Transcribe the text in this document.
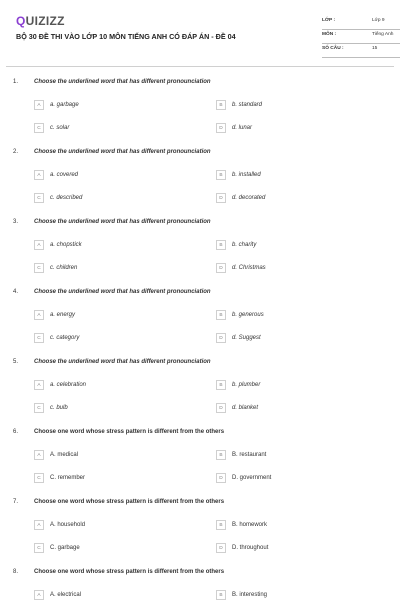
QUIZIZZ
BỘ 30 ĐỀ THI VÀO LỚP 10 MÔN TIẾNG ANH CÓ ĐÁP ÁN - ĐỀ 04
LỚP :	Lớp 9
MÔN :	Tiếng Anh
SỐ CÂU :	15
1.	Choose the underlined word that has different pronounciation
A	a. garbage	B	b. standard
C	c. solar	D	d. lunar
2.	Choose the underlined word that has different pronounciation
A	a. covered	B	b. installed
C	c. described	D	d. decorated
3.	Choose the underlined word that has different pronounciation
A	a. chopstick	B	b. charity
C	c. children	D	d. Christmas
4.	Choose the underlined word that has different pronounciation
A	a. energy	B	b. generous
C	c. category	D	d. Suggest
5.	Choose the underlined word that has different pronounciation
A	a. celebration	B	b. plumber
C	c. bulb	D	d. blanket
6.	Choose one word whose stress pattern is different from the others
A	A. medical	B	B. restaurant
C	C. remember	D	D. government
7.	Choose one word whose stress pattern is different from the others
A	A. household	B	B. homework
C	C. garbage	D	D. throughout
8.	Choose one word whose stress pattern is different from the others
A	A. electrical	B	B. interesting
